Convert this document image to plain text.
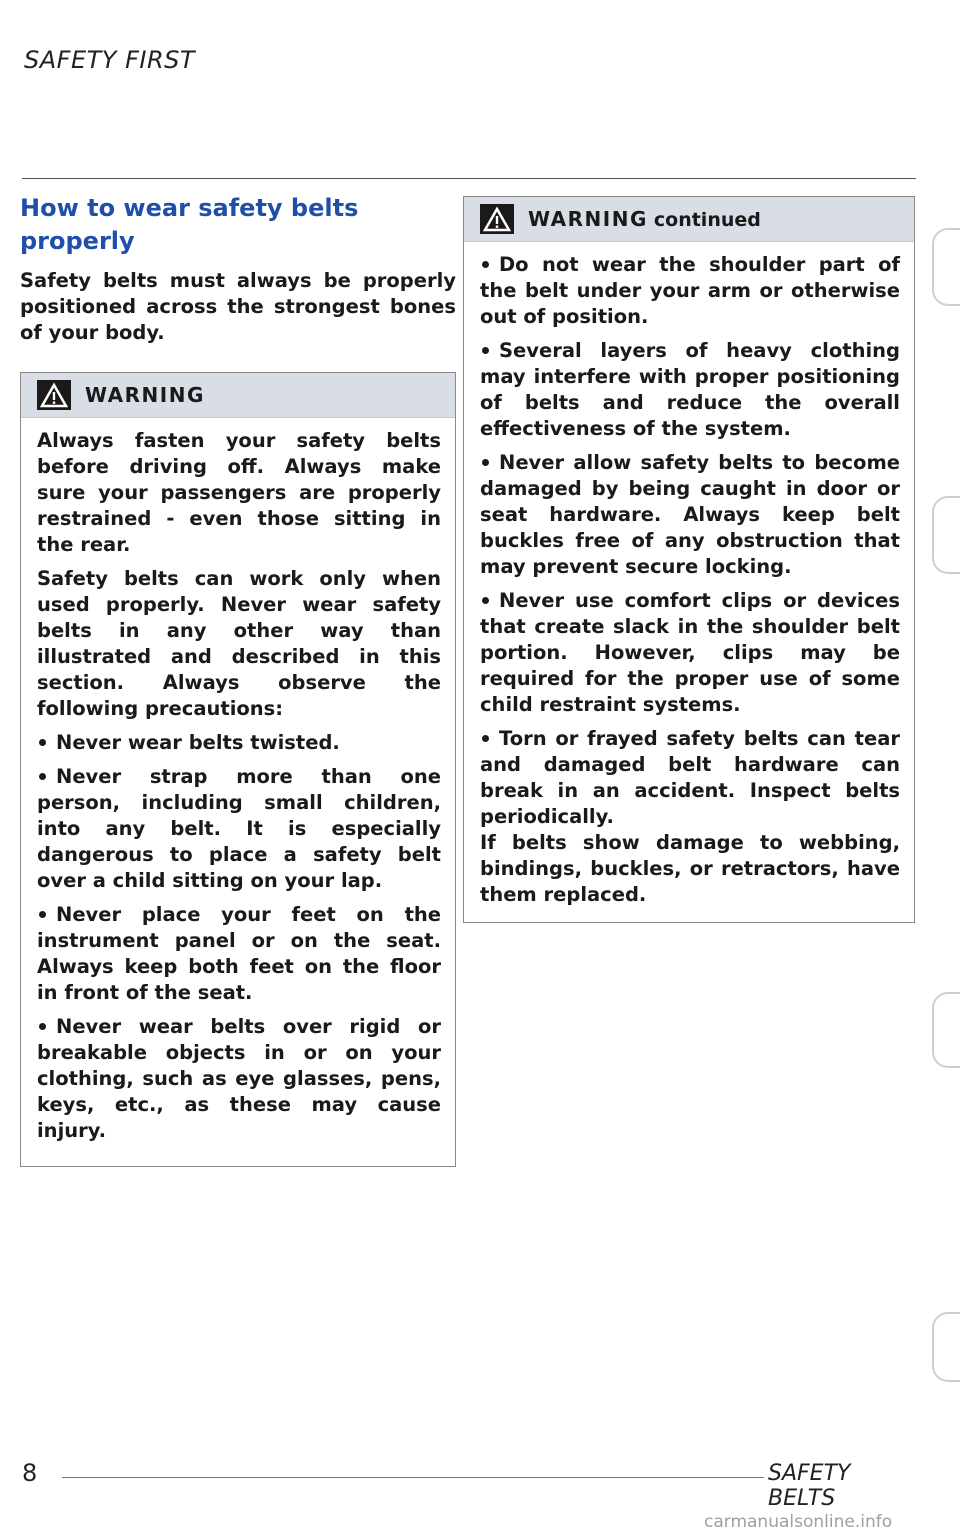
SAFETY FIRST
How to wear safety belts properly

Safety belts must always be properly positioned across the strongest bones of your body.

WARNING

Always fasten your safety belts before driving off. Always make sure your passengers are properly restrained - even those sitting in the rear.

Safety belts can work only when used properly. Never wear safety belts in any other way than illustrated and described in this section. Always observe the following precautions:

Never wear belts twisted.
Never strap more than one person, including small children, into any belt. It is especially dangerous to place a safety belt over a child sitting on your lap.
Never place your feet on the instrument panel or on the seat. Always keep both feet on the floor in front of the seat.
Never wear belts over rigid or breakable objects in or on your clothing, such as eye glasses, pens, keys, etc., as these may cause injury.
WARNING continued
Do not wear the shoulder part of the belt under your arm or otherwise out of position.
Several layers of heavy clothing may interfere with proper positioning of belts and reduce the overall effectiveness of the system.
Never allow safety belts to become damaged by being caught in door or seat hardware. Always keep belt buckles free of any obstruction that may prevent secure locking.
Never use comfort clips or devices that create slack in the shoulder belt portion. However, clips may be required for the proper use of some child restraint systems.
Torn or frayed safety belts can tear and damaged belt hardware can break in an accident. Inspect belts periodically.

If belts show damage to webbing, bindings, buckles, or retractors, have them replaced.

8	SAFETY BELTS
carmanualsonline.info
